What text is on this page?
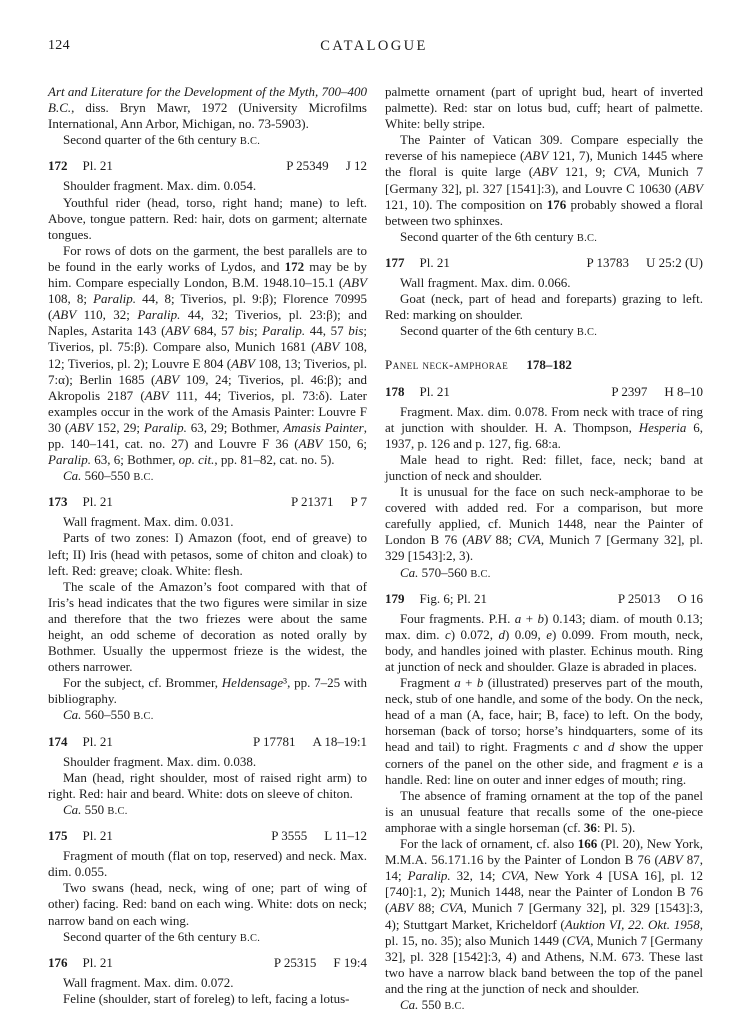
124	CATALOGUE

Art and Literature for the Development of the Myth, 700–400 B.C., diss. Bryn Mawr, 1972 (University Microfilms International, Ann Arbor, Michigan, no. 73-5903).

Second quarter of the 6th century B.C.

172 Pl. 21	P 25349 J 12

Shoulder fragment. Max. dim. 0.054.

Youthful rider (head, torso, right hand; mane) to left. Above, tongue pattern. Red: hair, dots on garment; alternate tongues.

For rows of dots on the garment, the best parallels are to be found in the early works of Lydos, and 172 may be by him. Compare especially London, B.M. 1948.10–15.1 (ABV 108, 8; Paralip. 44, 8; Tiverios, pl. 9:β); Florence 70995 (ABV 110, 32; Paralip. 44, 32; Tiverios, pl. 23:β); and Naples, Astarita 143 (ABV 684, 57 bis; Paralip. 44, 57 bis; Tiverios, pl. 75:β). Compare also, Munich 1681 (ABV 108, 12; Tiverios, pl. 2); Louvre E 804 (ABV 108, 13; Tiverios, pl. 7:α); Berlin 1685 (ABV 109, 24; Tiverios, pl. 46:β); and Akropolis 2187 (ABV 111, 44; Tiverios, pl. 73:δ). Later examples occur in the work of the Amasis Painter: Louvre F 30 (ABV 152, 29; Paralip. 63, 29; Bothmer, Amasis Painter, pp. 140–141, cat. no. 27) and Louvre F 36 (ABV 150, 6; Paralip. 63, 6; Bothmer, op. cit., pp. 81–82, cat. no. 5).

Ca. 560–550 B.C.

173 Pl. 21	P 21371 P 7

Wall fragment. Max. dim. 0.031.

Parts of two zones: I) Amazon (foot, end of greave) to left; II) Iris (head with petasos, some of chiton and cloak) to left. Red: greave; cloak. White: flesh.

The scale of the Amazon’s foot compared with that of Iris’s head indicates that the two figures were similar in size and therefore that the two friezes were about the same height, an odd scheme of decoration as noted orally by Bothmer. Usually the uppermost frieze is the widest, the others narrower.

For the subject, cf. Brommer, Heldensage³, pp. 7–25 with bibliography.

Ca. 560–550 B.C.

174 Pl. 21	P 17781 A 18–19:1

Shoulder fragment. Max. dim. 0.038.

Man (head, right shoulder, most of raised right arm) to right. Red: hair and beard. White: dots on sleeve of chiton.

Ca. 550 B.C.

175 Pl. 21	P 3555 L 11–12

Fragment of mouth (flat on top, reserved) and neck. Max. dim. 0.055.

Two swans (head, neck, wing of one; part of wing of other) facing. Red: band on each wing. White: dots on neck; narrow band on each wing.

Second quarter of the 6th century B.C.

176 Pl. 21	P 25315 F 19:4

Wall fragment. Max. dim. 0.072.

Feline (shoulder, start of foreleg) to left, facing a lotus-

palmette ornament (part of upright bud, heart of inverted palmette). Red: star on lotus bud, cuff; heart of palmette. White: belly stripe.

The Painter of Vatican 309. Compare especially the reverse of his namepiece (ABV 121, 7), Munich 1445 where the floral is quite large (ABV 121, 9; CVA, Munich 7 [Germany 32], pl. 327 [1541]:3), and Louvre C 10630 (ABV 121, 10). The composition on 176 probably showed a floral between two sphinxes.

Second quarter of the 6th century B.C.

177 Pl. 21	P 13783 U 25:2 (U)

Wall fragment. Max. dim. 0.066.

Goat (neck, part of head and foreparts) grazing to left. Red: marking on shoulder.

Second quarter of the 6th century B.C.

Panel neck-amphorae 178–182
178 Pl. 21	P 2397 H 8–10

Fragment. Max. dim. 0.078. From neck with trace of ring at junction with shoulder. H. A. Thompson, Hesperia 6, 1937, p. 126 and p. 127, fig. 68:a.

Male head to right. Red: fillet, face, neck; band at junction of neck and shoulder.

It is unusual for the face on such neck-amphorae to be covered with added red. For a comparison, but more carefully applied, cf. Munich 1448, near the Painter of London B 76 (ABV 88; CVA, Munich 7 [Germany 32], pl. 329 [1543]:2, 3).

Ca. 570–560 B.C.

179 Fig. 6; Pl. 21	P 25013 O 16

Four fragments. P.H. a + b) 0.143; diam. of mouth 0.13; max. dim. c) 0.072, d) 0.09, e) 0.099. From mouth, neck, body, and handles joined with plaster. Echinus mouth. Ring at junction of neck and shoulder. Glaze is abraded in places.

Fragment a + b (illustrated) preserves part of the mouth, neck, stub of one handle, and some of the body. On the neck, head of a man (A, face, hair; B, face) to left. On the body, horseman (back of torso; horse’s hindquarters, some of its head and tail) to right. Fragments c and d show the upper corners of the panel on the other side, and fragment e is a handle. Red: line on outer and inner edges of mouth; ring.

The absence of framing ornament at the top of the panel is an unusual feature that recalls some of the one-piece amphorae with a single horseman (cf. 36: Pl. 5).

For the lack of ornament, cf. also 166 (Pl. 20), New York, M.M.A. 56.171.16 by the Painter of London B 76 (ABV 87, 14; Paralip. 32, 14; CVA, New York 4 [USA 16], pl. 12 [740]:1, 2); Munich 1448, near the Painter of London B 76 (ABV 88; CVA, Munich 7 [Germany 32], pl. 329 [1543]:3, 4); Stuttgart Market, Kricheldorf (Auktion VI, 22. Okt. 1958, pl. 15, no. 35); also Munich 1449 (CVA, Munich 7 [Germany 32], pl. 328 [1542]:3, 4) and Athens, N.M. 673. These last two have a narrow black band between the top of the panel and the ring at the junction of neck and shoulder.

Ca. 550 B.C.
